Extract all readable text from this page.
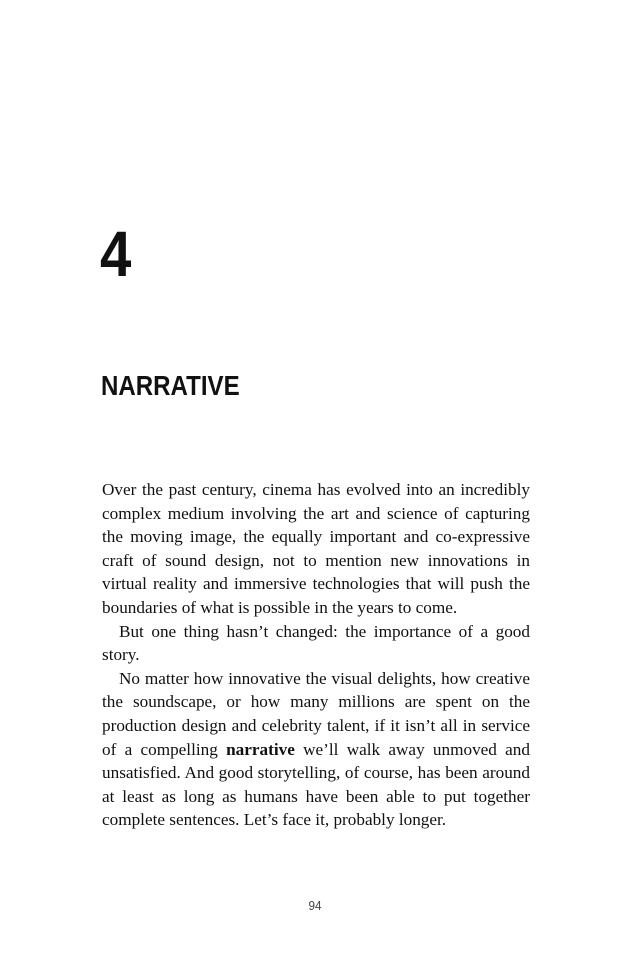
4
NARRATIVE

Over the past century, cinema has evolved into an incredibly complex medium involving the art and science of capturing the moving image, the equally important and co-expressive craft of sound design, not to mention new innovations in virtual reality and immersive technologies that will push the boundaries of what is possible in the years to come.

But one thing hasn’t changed: the importance of a good story.

No matter how innovative the visual delights, how creative the soundscape, or how many millions are spent on the production design and celebrity talent, if it isn’t all in service of a compelling narrative we’ll walk away unmoved and unsatisfied. And good storytelling, of course, has been around at least as long as humans have been able to put together complete sentences. Let’s face it, probably longer.

94
